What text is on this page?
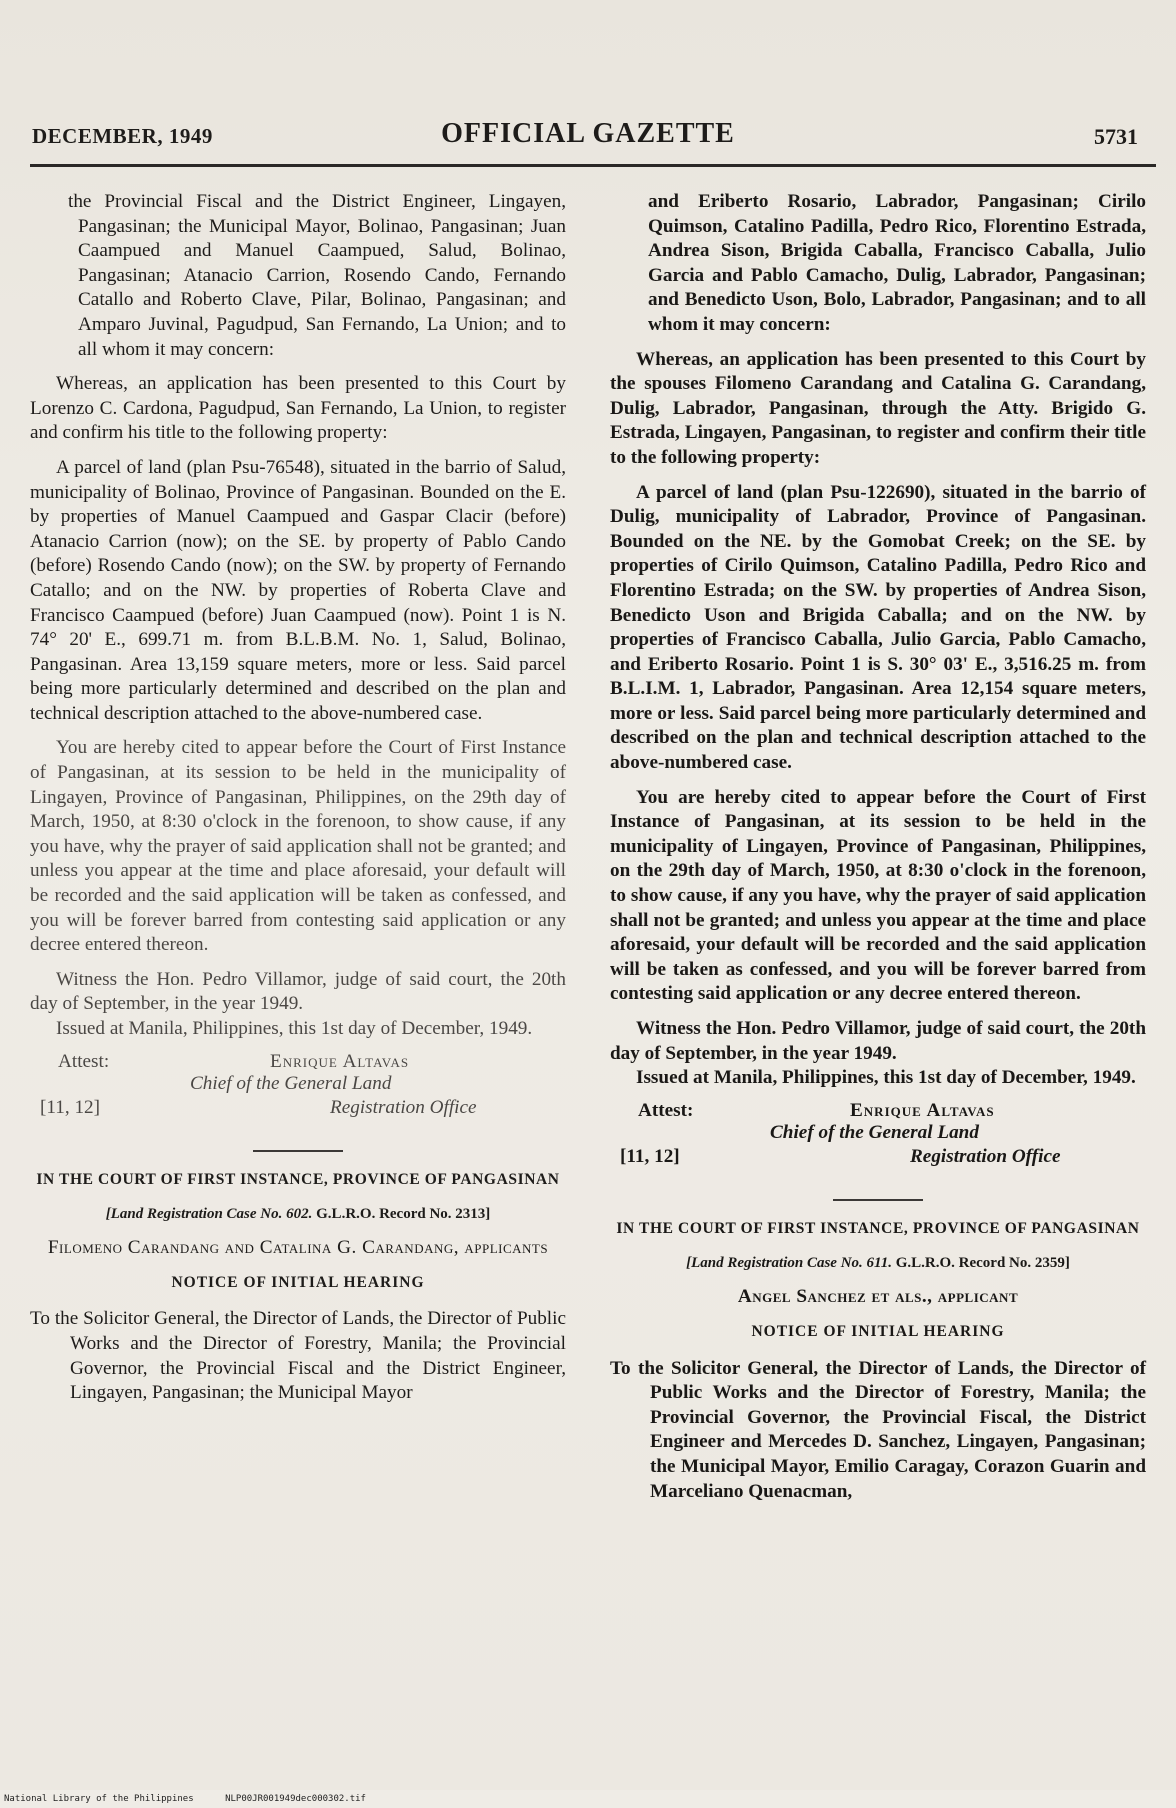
DECEMBER, 1949	OFFICIAL GAZETTE	5731

the Provincial Fiscal and the District Engineer, Lingayen, Pangasinan; the Municipal Mayor, Bolinao, Pangasinan; Juan Caampued and Manuel Caampued, Salud, Bolinao, Pangasinan; Atanacio Carrion, Rosendo Cando, Fernando Catallo and Roberto Clave, Pilar, Bolinao, Pangasinan; and Amparo Juvinal, Pagudpud, San Fernando, La Union; and to all whom it may concern:

Whereas, an application has been presented to this Court by Lorenzo C. Cardona, Pagudpud, San Fernando, La Union, to register and confirm his title to the following property:

A parcel of land (plan Psu-76548), situated in the barrio of Salud, municipality of Bolinao, Province of Pangasinan. Bounded on the E. by properties of Manuel Caampued and Gaspar Clacir (before) Atanacio Carrion (now); on the SE. by property of Pablo Cando (before) Rosendo Cando (now); on the SW. by property of Fernando Catallo; and on the NW. by properties of Roberta Clave and Francisco Caampued (before) Juan Caampued (now). Point 1 is N. 74° 20' E., 699.71 m. from B.L.B.M. No. 1, Salud, Bolinao, Pangasinan. Area 13,159 square meters, more or less. Said parcel being more particularly determined and described on the plan and technical description attached to the above-numbered case.

You are hereby cited to appear before the Court of First Instance of Pangasinan, at its session to be held in the municipality of Lingayen, Province of Pangasinan, Philippines, on the 29th day of March, 1950, at 8:30 o'clock in the forenoon, to show cause, if any you have, why the prayer of said application shall not be granted; and unless you appear at the time and place aforesaid, your default will be recorded and the said application will be taken as confessed, and you will be forever barred from contesting said application or any decree entered thereon.

Witness the Hon. Pedro Villamor, judge of said court, the 20th day of September, in the year 1949.

Issued at Manila, Philippines, this 1st day of December, 1949.

Attest:	Enrique Altavas
Chief of the General Land
[11, 12]	Registration Office
IN THE COURT OF FIRST INSTANCE, PROVINCE OF PANGASINAN
[Land Registration Case No. 602. G.L.R.O. Record No. 2313]
Filomeno Carandang and Catalina G. Carandang, applicants
NOTICE OF INITIAL HEARING

To the Solicitor General, the Director of Lands, the Director of Public Works and the Director of Forestry, Manila; the Provincial Governor, the Provincial Fiscal and the District Engineer, Lingayen, Pangasinan; the Municipal Mayor

and Eriberto Rosario, Labrador, Pangasinan; Cirilo Quimson, Catalino Padilla, Pedro Rico, Florentino Estrada, Andrea Sison, Brigida Caballa, Francisco Caballa, Julio Garcia and Pablo Camacho, Dulig, Labrador, Pangasinan; and Benedicto Uson, Bolo, Labrador, Pangasinan; and to all whom it may concern:

Whereas, an application has been presented to this Court by the spouses Filomeno Carandang and Catalina G. Carandang, Dulig, Labrador, Pangasinan, through the Atty. Brigido G. Estrada, Lingayen, Pangasinan, to register and confirm their title to the following property:

A parcel of land (plan Psu-122690), situated in the barrio of Dulig, municipality of Labrador, Province of Pangasinan. Bounded on the NE. by the Gomobat Creek; on the SE. by properties of Cirilo Quimson, Catalino Padilla, Pedro Rico and Florentino Estrada; on the SW. by properties of Andrea Sison, Benedicto Uson and Brigida Caballa; and on the NW. by properties of Francisco Caballa, Julio Garcia, Pablo Camacho, and Eriberto Rosario. Point 1 is S. 30° 03' E., 3,516.25 m. from B.L.I.M. 1, Labrador, Pangasinan. Area 12,154 square meters, more or less. Said parcel being more particularly determined and described on the plan and technical description attached to the above-numbered case.

You are hereby cited to appear before the Court of First Instance of Pangasinan, at its session to be held in the municipality of Lingayen, Province of Pangasinan, Philippines, on the 29th day of March, 1950, at 8:30 o'clock in the forenoon, to show cause, if any you have, why the prayer of said application shall not be granted; and unless you appear at the time and place aforesaid, your default will be recorded and the said application will be taken as confessed, and you will be forever barred from contesting said application or any decree entered thereon.

Witness the Hon. Pedro Villamor, judge of said court, the 20th day of September, in the year 1949.

Issued at Manila, Philippines, this 1st day of December, 1949.

Attest:	Enrique Altavas
Chief of the General Land
[11, 12]	Registration Office
IN THE COURT OF FIRST INSTANCE, PROVINCE OF PANGASINAN
[Land Registration Case No. 611. G.L.R.O. Record No. 2359]
Angel Sanchez et als., applicant
NOTICE OF INITIAL HEARING

To the Solicitor General, the Director of Lands, the Director of Public Works and the Director of Forestry, Manila; the Provincial Governor, the Provincial Fiscal, the District Engineer and Mercedes D. Sanchez, Lingayen, Pangasinan; the Municipal Mayor, Emilio Caragay, Corazon Guarin and Marceliano Quenacman,

National Library of the Philippines	NLP00JR001949dec000302.tif
